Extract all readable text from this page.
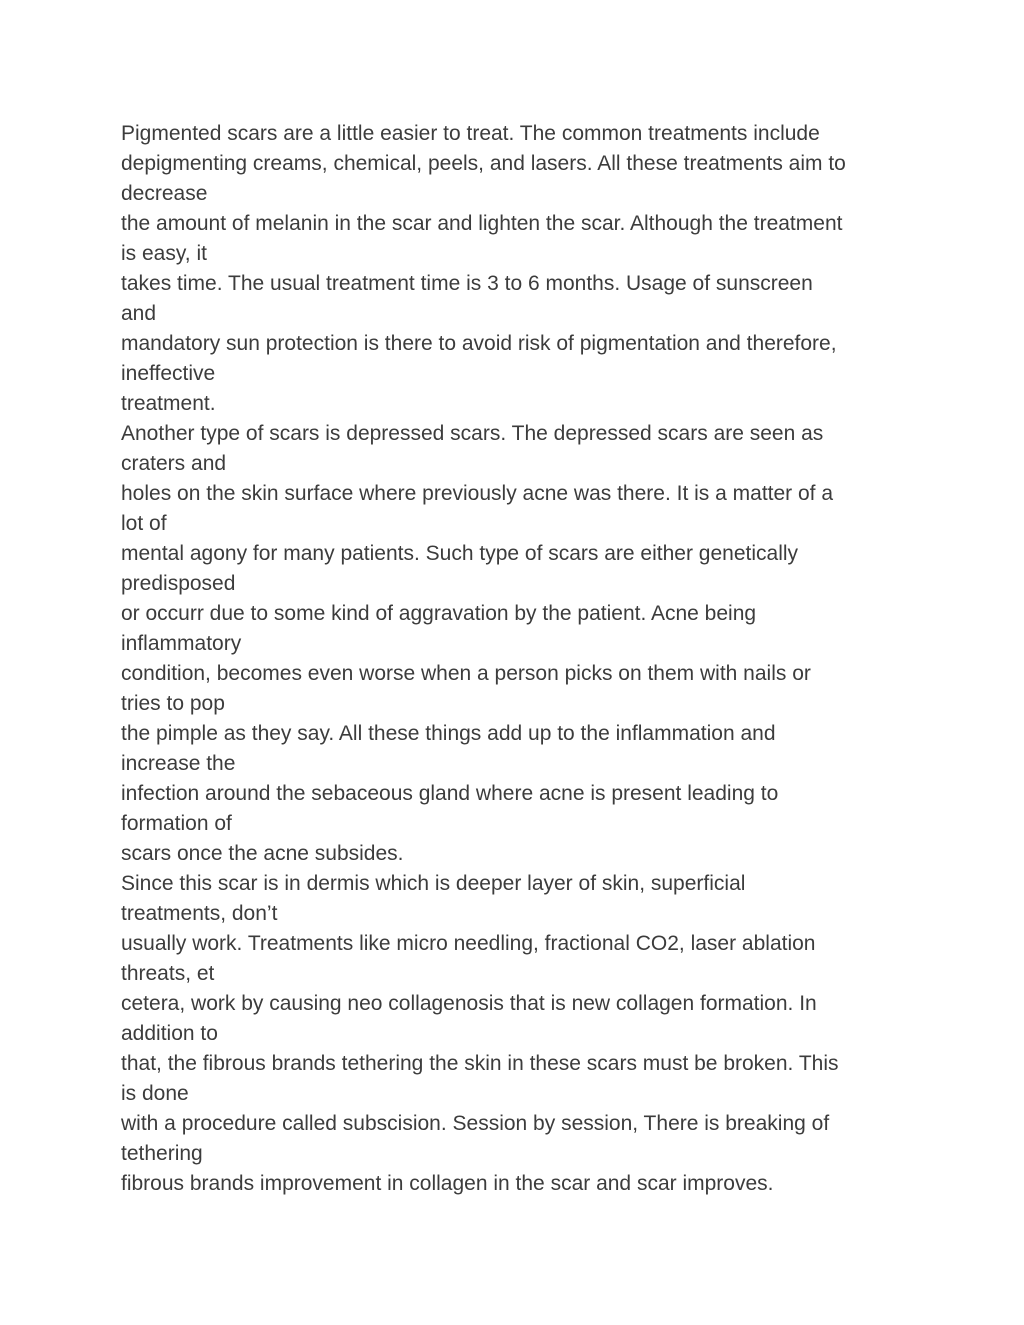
Pigmented scars are a little easier to treat. The common treatments include
depigmenting creams, chemical, peels, and lasers. All these treatments aim to
decrease
the amount of melanin in the scar and lighten the scar. Although the treatment
is easy, it
takes time. The usual treatment time is 3 to 6 months. Usage of sunscreen
and
mandatory sun protection is there to avoid risk of pigmentation and therefore,
ineffective
treatment.
Another type of scars is depressed scars. The depressed scars are seen as
craters and
holes on the skin surface where previously acne was there. It is a matter of a
lot of
mental agony for many patients. Such type of scars are either genetically
predisposed
or occurr due to some kind of aggravation by the patient. Acne being
inflammatory
condition, becomes even worse when a person picks on them with nails or
tries to pop
the pimple as they say. All these things add up to the inflammation and
increase the
infection around the sebaceous gland where acne is present leading to
formation of
scars once the acne subsides.
Since this scar is in dermis which is deeper layer of skin, superficial
treatments, don’t
usually work. Treatments like micro needling, fractional CO2, laser ablation
threats, et
cetera, work by causing neo collagenosis that is new collagen formation. In
addition to
that, the fibrous brands tethering the skin in these scars must be broken. This
is done
with a procedure called subscision. Session by session, There is breaking of
tethering
fibrous brands improvement in collagen in the scar and scar improves.
